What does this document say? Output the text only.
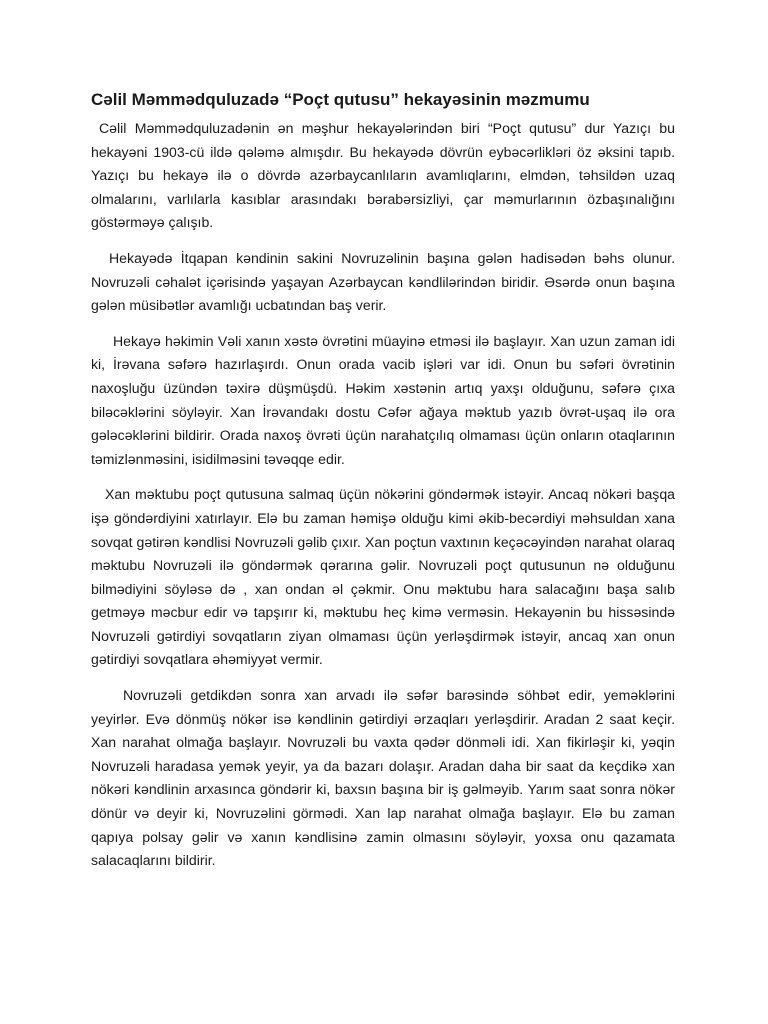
Cəlil Məmmədquluzadə “Poçt qutusu” hekayəsinin məzmumu

Cəlil Məmmədquluzadənin ən məşhur hekayələrindən biri “Poçt qutusu” dur Yazıçı bu hekayəni 1903-cü ildə qələmə almışdır. Bu hekayədə dövrün eybəcərlikləri öz əksini tapıb. Yazıçı bu hekayə ilə o dövrdə azərbaycanlıların avamlıqlarını, elmdən, təhsildən uzaq olmalarını, varlılarla kasıblar arasındakı bərabərsizliyi, çar məmurlarının özbaşınalığını göstərməyə çalışıb.

Hekayədə İtqapan kəndinin sakini Novruzəlinin başına gələn hadisədən bəhs olunur. Novruzəli cəhalət içərisində yaşayan Azərbaycan kəndlilərindən biridir. Əsərdə onun başına gələn müsibətlər avamlığı ucbatından baş verir.

Hekayə həkimin Vəli xanın xəstə övrətini müayinə etməsi ilə başlayır. Xan uzun zaman idi ki, İrəvana səfərə hazırlaşırdı. Onun orada vacib işləri var idi. Onun bu səfəri övrətinin naxoşluğu üzündən təxirə düşmüşdü. Həkim xəstənin artıq yaxşı olduğunu, səfərə çıxa biləcəklərini söyləyir. Xan İrəvandakı dostu Cəfər ağaya məktub yazıb övrət-uşaq ilə ora gələcəklərini bildirir. Orada naxoş övrəti üçün narahatçılıq olmaması üçün onların otaqlarının təmizlənməsini, isidilməsini təvəqqe edir.

Xan məktubu poçt qutusuna salmaq üçün nökərini göndərmək istəyir. Ancaq nökəri başqa işə göndərdiyini xatırlayır. Elə bu zaman həmişə olduğu kimi əkib-becərdiyi məhsuldan xana sovqat gətirən kəndlisi Novruzəli gəlib çıxır. Xan poçtun vaxtının keçəcəyindən narahat olaraq məktubu Novruzəli ilə göndərmək qərarına gəlir. Novruzəli poçt qutusunun nə olduğunu bilmədiyini söyləsə də , xan ondan əl çəkmir. Onu məktubu hara salacağını başa salıb getməyə məcbur edir və tapşırır ki, məktubu heç kimə verməsin. Hekayənin bu hissəsində Novruzəli gətirdiyi sovqatların ziyan olmaması üçün yerləşdirmək istəyir, ancaq xan onun gətirdiyi sovqatlara əhəmiyyət vermir.

Novruzəli getdikdən sonra xan arvadı ilə səfər barəsində söhbət edir, yeməklərini yeyirlər. Evə dönmüş nökər isə kəndlinin gətirdiyi ərzaqları yerləşdirir. Aradan 2 saat keçir. Xan narahat olmağa başlayır. Novruzəli bu vaxta qədər dönməli idi. Xan fikirləşir ki, yəqin Novruzəli haradasa yemək yeyir, ya da bazarı dolaşır. Aradan daha bir saat da keçdikə xan nökəri kəndlinin arxasınca göndərir ki, baxsın başına bir iş gəlməyib. Yarım saat sonra nökər dönür və deyir ki, Novruzəlini görmədi. Xan lap narahat olmağa başlayır. Elə bu zaman qapıya polsay gəlir və xanın kəndlisinə zamin olmasını söyləyir, yoxsa onu qazamata salacaqlarını bildirir.
